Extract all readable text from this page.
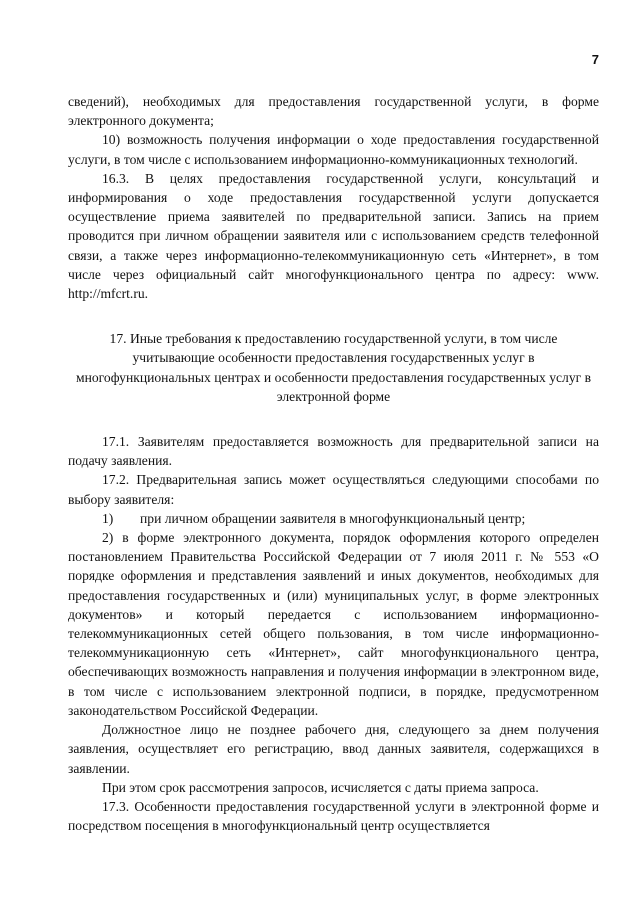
7

сведений), необходимых для предоставления государственной услуги, в форме электронного документа;

10) возможность получения информации о ходе предоставления государственной услуги, в том числе с использованием информационно-коммуникационных технологий.

16.3. В целях предоставления государственной услуги, консультаций и информирования о ходе предоставления государственной услуги допускается осуществление приема заявителей по предварительной записи. Запись на прием проводится при личном обращении заявителя или с использованием средств телефонной связи, а также через информационно-телекоммуникационную сеть «Интернет», в том числе через официальный сайт многофункционального центра по адресу: www. http://mfcrt.ru.

17. Иные требования к предоставлению государственной услуги, в том числе учитывающие особенности предоставления государственных услуг в многофункциональных центрах и особенности предоставления государственных услуг в электронной форме

17.1. Заявителям предоставляется возможность для предварительной записи на подачу заявления.

17.2. Предварительная запись может осуществляться следующими способами по выбору заявителя:

1) при личном обращении заявителя в многофункциональный центр;

2) в форме электронного документа, порядок оформления которого определен постановлением Правительства Российской Федерации от 7 июля 2011 г. № 553 «О порядке оформления и представления заявлений и иных документов, необходимых для предоставления государственных и (или) муниципальных услуг, в форме электронных документов» и который передается с использованием информационно-телекоммуникационных сетей общего пользования, в том числе информационно-телекоммуникационную сеть «Интернет», сайт многофункционального центра, обеспечивающих возможность направления и получения информации в электронном виде, в том числе с использованием электронной подписи, в порядке, предусмотренном законодательством Российской Федерации.

Должностное лицо не позднее рабочего дня, следующего за днем получения заявления, осуществляет его регистрацию, ввод данных заявителя, содержащихся в заявлении.

При этом срок рассмотрения запросов, исчисляется с даты приема запроса.

17.3. Особенности предоставления государственной услуги в электронной форме и посредством посещения в многофункциональный центр осуществляется
